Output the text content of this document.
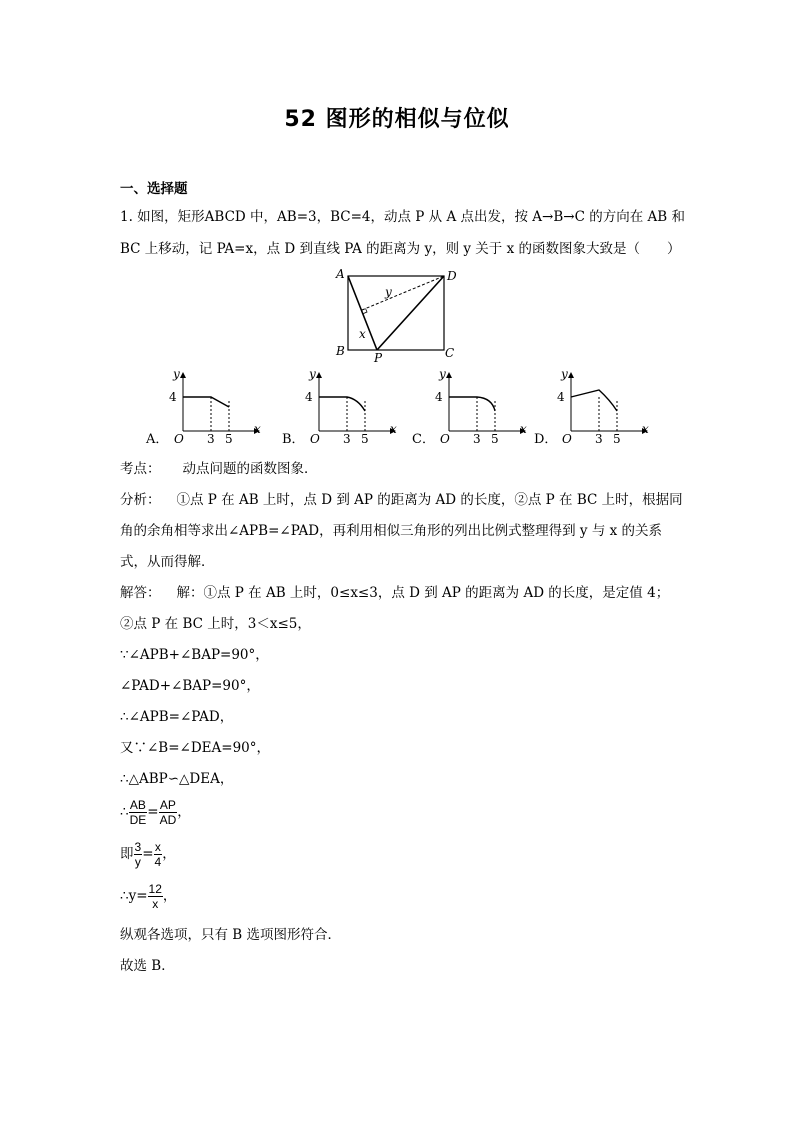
52 图形的相似与位似
一、选择题
1. 如图，矩形ABCD 中，AB=3，BC=4，动点 P 从 A 点出发，按 A→B→C 的方向在 AB 和
BC 上移动，记 PA=x，点 D 到直线 PA 的距离为 y，则 y 关于 x 的函数图象大致是（　　）
A	D
B	C
P
x
y
A．	B．	C．	D．
4
O 3 5
x
y
4
O 3 5
x
y
4
O 3 5
x
y
4
O 3 5
x
y
考点： 动点问题的函数图象．
分析： ①点 P 在 AB 上时，点 D 到 AP 的距离为 AD 的长度，②点 P 在 BC 上时，根据同
角的余角相等求出∠APB=∠PAD，再利用相似三角形的列出比例式整理得到 y 与 x 的关系
式，从而得解．
解答： 解：①点 P 在 AB 上时，0≤x≤3，点 D 到 AP 的距离为 AD 的长度，是定值 4；
②点 P 在 BC 上时，3＜x≤5，
∵∠APB+∠BAP=90°，
∠PAD+∠BAP=90°，
∴∠APB=∠PAD，
又∵∠B=∠DEA=90°，
∴△ABP∽△DEA，
∴ $\frac{AB}{DE} = \frac{AP}{AD}$ ，
即 $\frac{3}{y} = \frac{x}{4}$ ，
∴y= $\frac{12}{x}$ ，
纵观各选项，只有 B 选项图形符合．
故选 B．
